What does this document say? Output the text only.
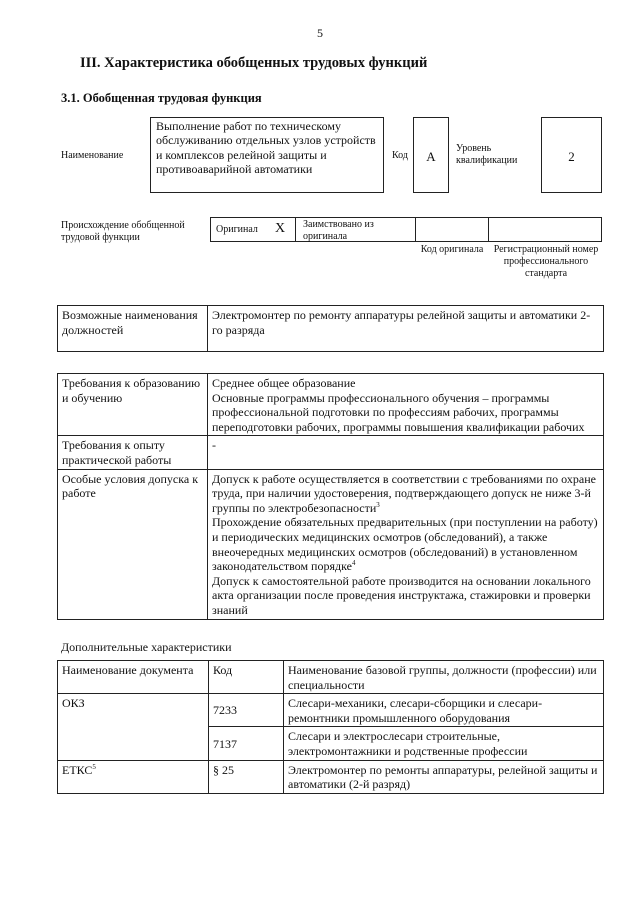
5
III. Характеристика обобщенных трудовых функций
3.1. Обобщенная трудовая функция
Наименование
Выполнение работ по техническому обслуживанию отдельных узлов устройств и комплексов релейной защиты и противоаварийной автоматики
Код	A
Уровень квалификации	2
Происхождение обобщенной трудовой функции
Оригинал X Заимствовано из оригинала
Код оригинала	Регистрационный номер профессионального стандарта
Возможные наименования должностей	Электромонтер по ремонту аппаратуры релейной защиты и автоматики 2-го разряда
Требования к образованию и обучению	Среднее общее образование
Основные программы профессионального обучения – программы профессиональной подготовки по профессиям рабочих, программы переподготовки рабочих, программы повышения квалификации рабочих
Требования к опыту практической работы	-
Особые условия допуска к работе	Допуск к работе осуществляется в соответствии с требованиями по охране труда, при наличии удостоверения, подтверждающего допуск не ниже 3-й группы по электробезопасности$^3$
Прохождение обязательных предварительных (при поступлении на работу) и периодических медицинских осмотров (обследований), а также внеочередных медицинских осмотров (обследований) в установленном законодательством порядке$^4$
Допуск к самостоятельной работе производится на основании локального акта организации после проведения инструктажа, стажировки и проверки знаний
Дополнительные характеристики
Наименование документа	Код	Наименование базовой группы, должности (профессии) или специальности
ОКЗ	7233	Слесари-механики, слесари-сборщики и слесари-ремонтники промышленного оборудования
	7137	Слесари и электрослесари строительные, электромонтажники и родственные профессии
ЕТКС$^5$	§ 25	Электромонтер по ремонты аппаратуры, релейной защиты и автоматики (2-й разряд)
